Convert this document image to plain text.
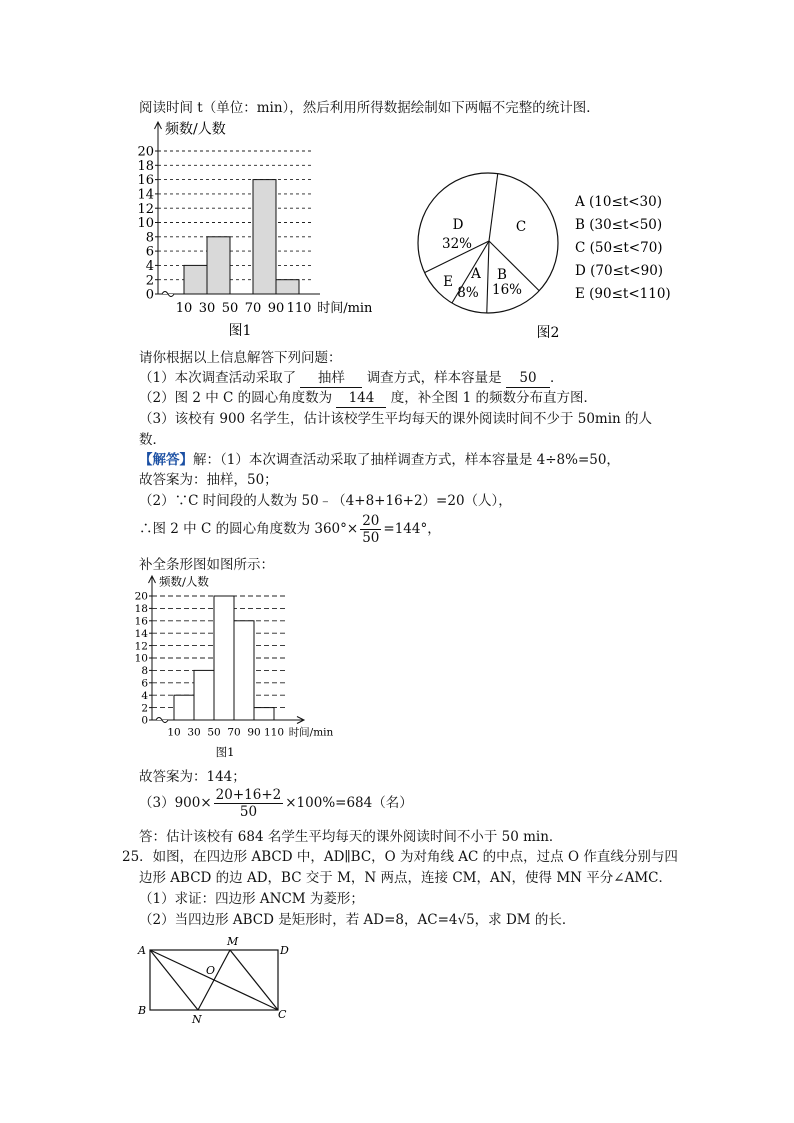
阅读时间 t（单位：min），然后利用所得数据绘制如下两幅不完整的统计图．
0
2
4
6
8
10
12
14
16
18
20
10 30 50 70 90 110 时间/min
频数/人数
图1
A
8%
B
16%
C
D
32%
E
A (10≤t<30)
B (30≤t<50)
C (50≤t<70)
D (70≤t<90)
E (90≤t<110)
图2
请你根据以上信息解答下列问题：
（1）本次调查活动采取了 抽样 调查方式，样本容量是 50 ．
（2）图 2 中 C 的圆心角度数为 144 度，补全图 1 的频数分布直方图．
（3）该校有 900 名学生，估计该校学生平均每天的课外阅读时间不少于 50min 的人
数．
【解答】解：（1）本次调查活动采取了抽样调查方式，样本容量是 4÷8%=50，
故答案为：抽样，50；
（2）∵C 时间段的人数为 50﹣（4+8+16+2）=20（人），
∴图 2 中 C 的圆心角度数为 $360^\circ\times \frac{20}{50} =144^\circ$，
补全条形图如图所示：
0
2
4
6
8
10
12
14
16
18
20
10 30 50 70 90 110 时间/min
频数/人数
图1
故答案为：144；
$(3)900\times \frac{20+16+2}{50} \times 100\%=684$（名）
答：估计该校有 684 名学生平均每天的课外阅读时间不小于 50 min．
25．如图，在四边形 ABCD 中，AD∥BC，O 为对角线 AC 的中点，过点 O 作直线分别与四
边形 ABCD 的边 AD，BC 交于 M，N 两点，连接 CM，AN，使得 MN 平分∠AMC．
（1）求证：四边形 ANCM 为菱形；
（2）当四边形 ABCD 是矩形时，若 AD=8，AC=4√5，求 DM 的长．
A
B	C
D
M
N
O
